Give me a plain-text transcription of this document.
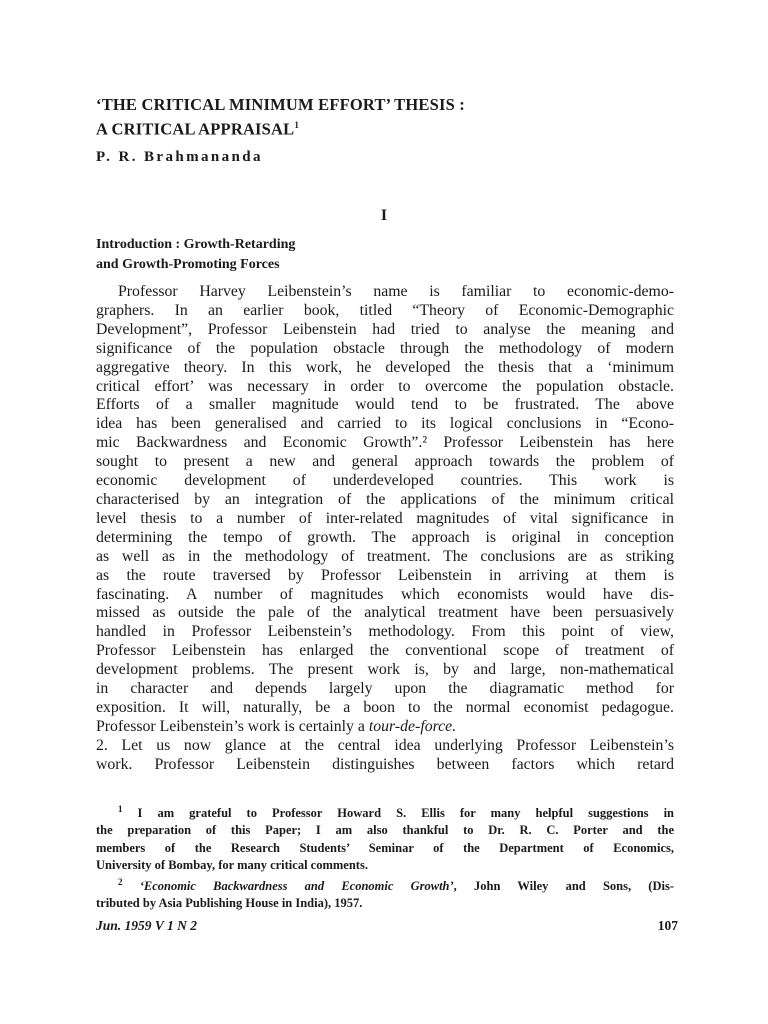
‘THE CRITICAL MINIMUM EFFORT’ THESIS :
A CRITICAL APPRAISAL$^1$
P. R. Brahmananda
I
Introduction : Growth-Retarding
and Growth-Promoting Forces
Professor Harvey Leibenstein’s name is familiar to economic-demo-
graphers. In an earlier book, titled “Theory of Economic-Demographic
Development”, Professor Leibenstein had tried to analyse the meaning and
significance of the population obstacle through the methodology of modern
aggregative theory. In this work, he developed the thesis that a ‘minimum
critical effort’ was necessary in order to overcome the population obstacle.
Efforts of a smaller magnitude would tend to be frustrated. The above
idea has been generalised and carried to its logical conclusions in “Econo-
mic Backwardness and Economic Growth”.² Professor Leibenstein has here
sought to present a new and general approach towards the problem of
economic development of underdeveloped countries. This work is
characterised by an integration of the applications of the minimum critical
level thesis to a number of inter-related magnitudes of vital significance in
determining the tempo of growth. The approach is original in conception
as well as in the methodology of treatment. The conclusions are as striking
as the route traversed by Professor Leibenstein in arriving at them is
fascinating. A number of magnitudes which economists would have dis-
missed as outside the pale of the analytical treatment have been persuasively
handled in Professor Leibenstein’s methodology. From this point of view,
Professor Leibenstein has enlarged the conventional scope of treatment of
development problems. The present work is, by and large, non-mathematical
in character and depends largely upon the diagramatic method for
exposition. It will, naturally, be a boon to the normal economist pedagogue.
Professor Leibenstein’s work is certainly a tour-de-force.
2. Let us now glance at the central idea underlying Professor Leibenstein’s
work. Professor Leibenstein distinguishes between factors which retard
$^1$ I am grateful to Professor Howard S. Ellis for many helpful suggestions in
the preparation of this Paper; I am also thankful to Dr. R. C. Porter and the
members of the Research Students’ Seminar of the Department of Economics,
University of Bombay, for many critical comments.
$^2$ ‘Economic Backwardness and Economic Growth’, John Wiley and Sons, (Dis-
tributed by Asia Publishing House in India), 1957.
Jun. 1959 V 1 N 2	107
